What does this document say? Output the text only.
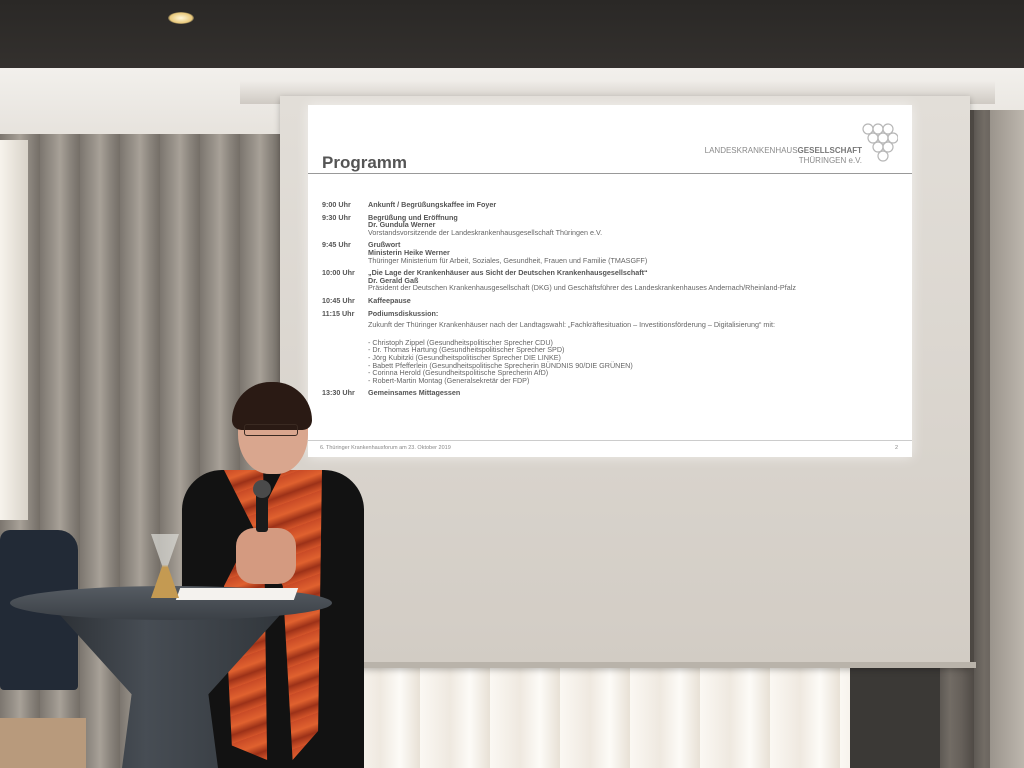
Programm
LANDESKRANKENHAUSGESELLSCHAFT
THÜRINGEN e.V.
9:00 Uhr	Ankunft / Begrüßungskaffee im Foyer
9:30 Uhr	Begrüßung und Eröffnung
Dr. Gundula Werner
Vorstandsvorsitzende der Landeskrankenhausgesellschaft Thüringen e.V.
9:45 Uhr	Grußwort
Ministerin Heike Werner
Thüringer Ministerium für Arbeit, Soziales, Gesundheit, Frauen und Familie (TMASGFF)
10:00 Uhr	„Die Lage der Krankenhäuser aus Sicht der Deutschen Krankenhausgesellschaft“
Dr. Gerald Gaß
Präsident der Deutschen Krankenhausgesellschaft (DKG) und Geschäftsführer des Landeskrankenhauses Andernach/Rheinland-Pfalz
10:45 Uhr	Kaffeepause
11:15 Uhr	Podiumsdiskussion:
Zukunft der Thüringer Krankenhäuser nach der Landtagswahl: „Fachkräftesituation – Investitionsförderung – Digitalisierung“ mit:
- Christoph Zippel (Gesundheitspolitischer Sprecher CDU)
- Dr. Thomas Hartung (Gesundheitspolitischer Sprecher SPD)
- Jörg Kubitzki (Gesundheitspolitischer Sprecher DIE LINKE)
- Babett Pfefferlein (Gesundheitspolitische Sprecherin BÜNDNIS 90/DIE GRÜNEN)
- Corinna Herold (Gesundheitspolitische Sprecherin AfD)
- Robert-Martin Montag (Generalsekretär der FDP)
13:30 Uhr	Gemeinsames Mittagessen
6. Thüringer Krankenhausforum am 23. Oktober 2019	2
